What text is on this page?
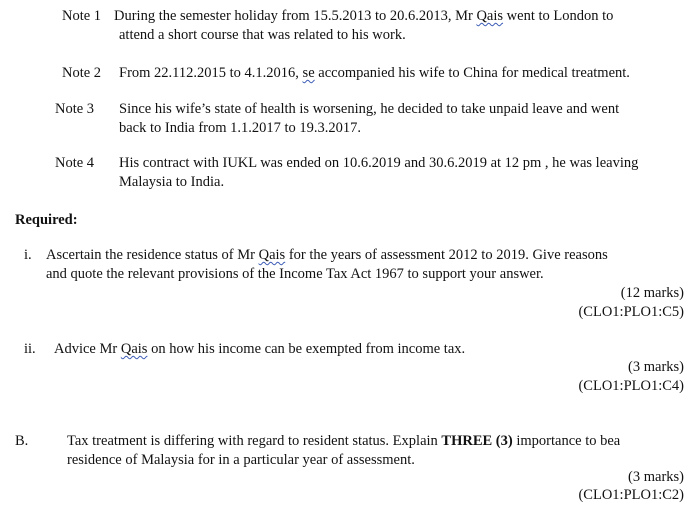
Note 1 During the semester holiday from 15.5.2013 to 20.6.2013, Mr Qais went to London to
attend a short course that was related to his work.
Note 2 From 22.112.2015 to 4.1.2016, se accompanied his wife to China for medical treatment.
Note 3 Since his wife’s state of health is worsening, he decided to take unpaid leave and went
back to India from 1.1.2017 to 19.3.2017.
Note 4 His contract with IUKL was ended on 10.6.2019 and 30.6.2019 at 12 pm , he was leaving
Malaysia to India.
Required:
i. Ascertain the residence status of Mr Qais for the years of assessment 2012 to 2019. Give reasons
and quote the relevant provisions of the Income Tax Act 1967 to support your answer.
(12 marks)
(CLO1:PLO1:C5)
ii. Advice Mr Qais on how his income can be exempted from income tax.
(3 marks)
(CLO1:PLO1:C4)
B.	Tax treatment is differing with regard to resident status. Explain THREE (3) importance to bea
residence of Malaysia for in a particular year of assessment.
(3 marks)
(CLO1:PLO1:C2)
